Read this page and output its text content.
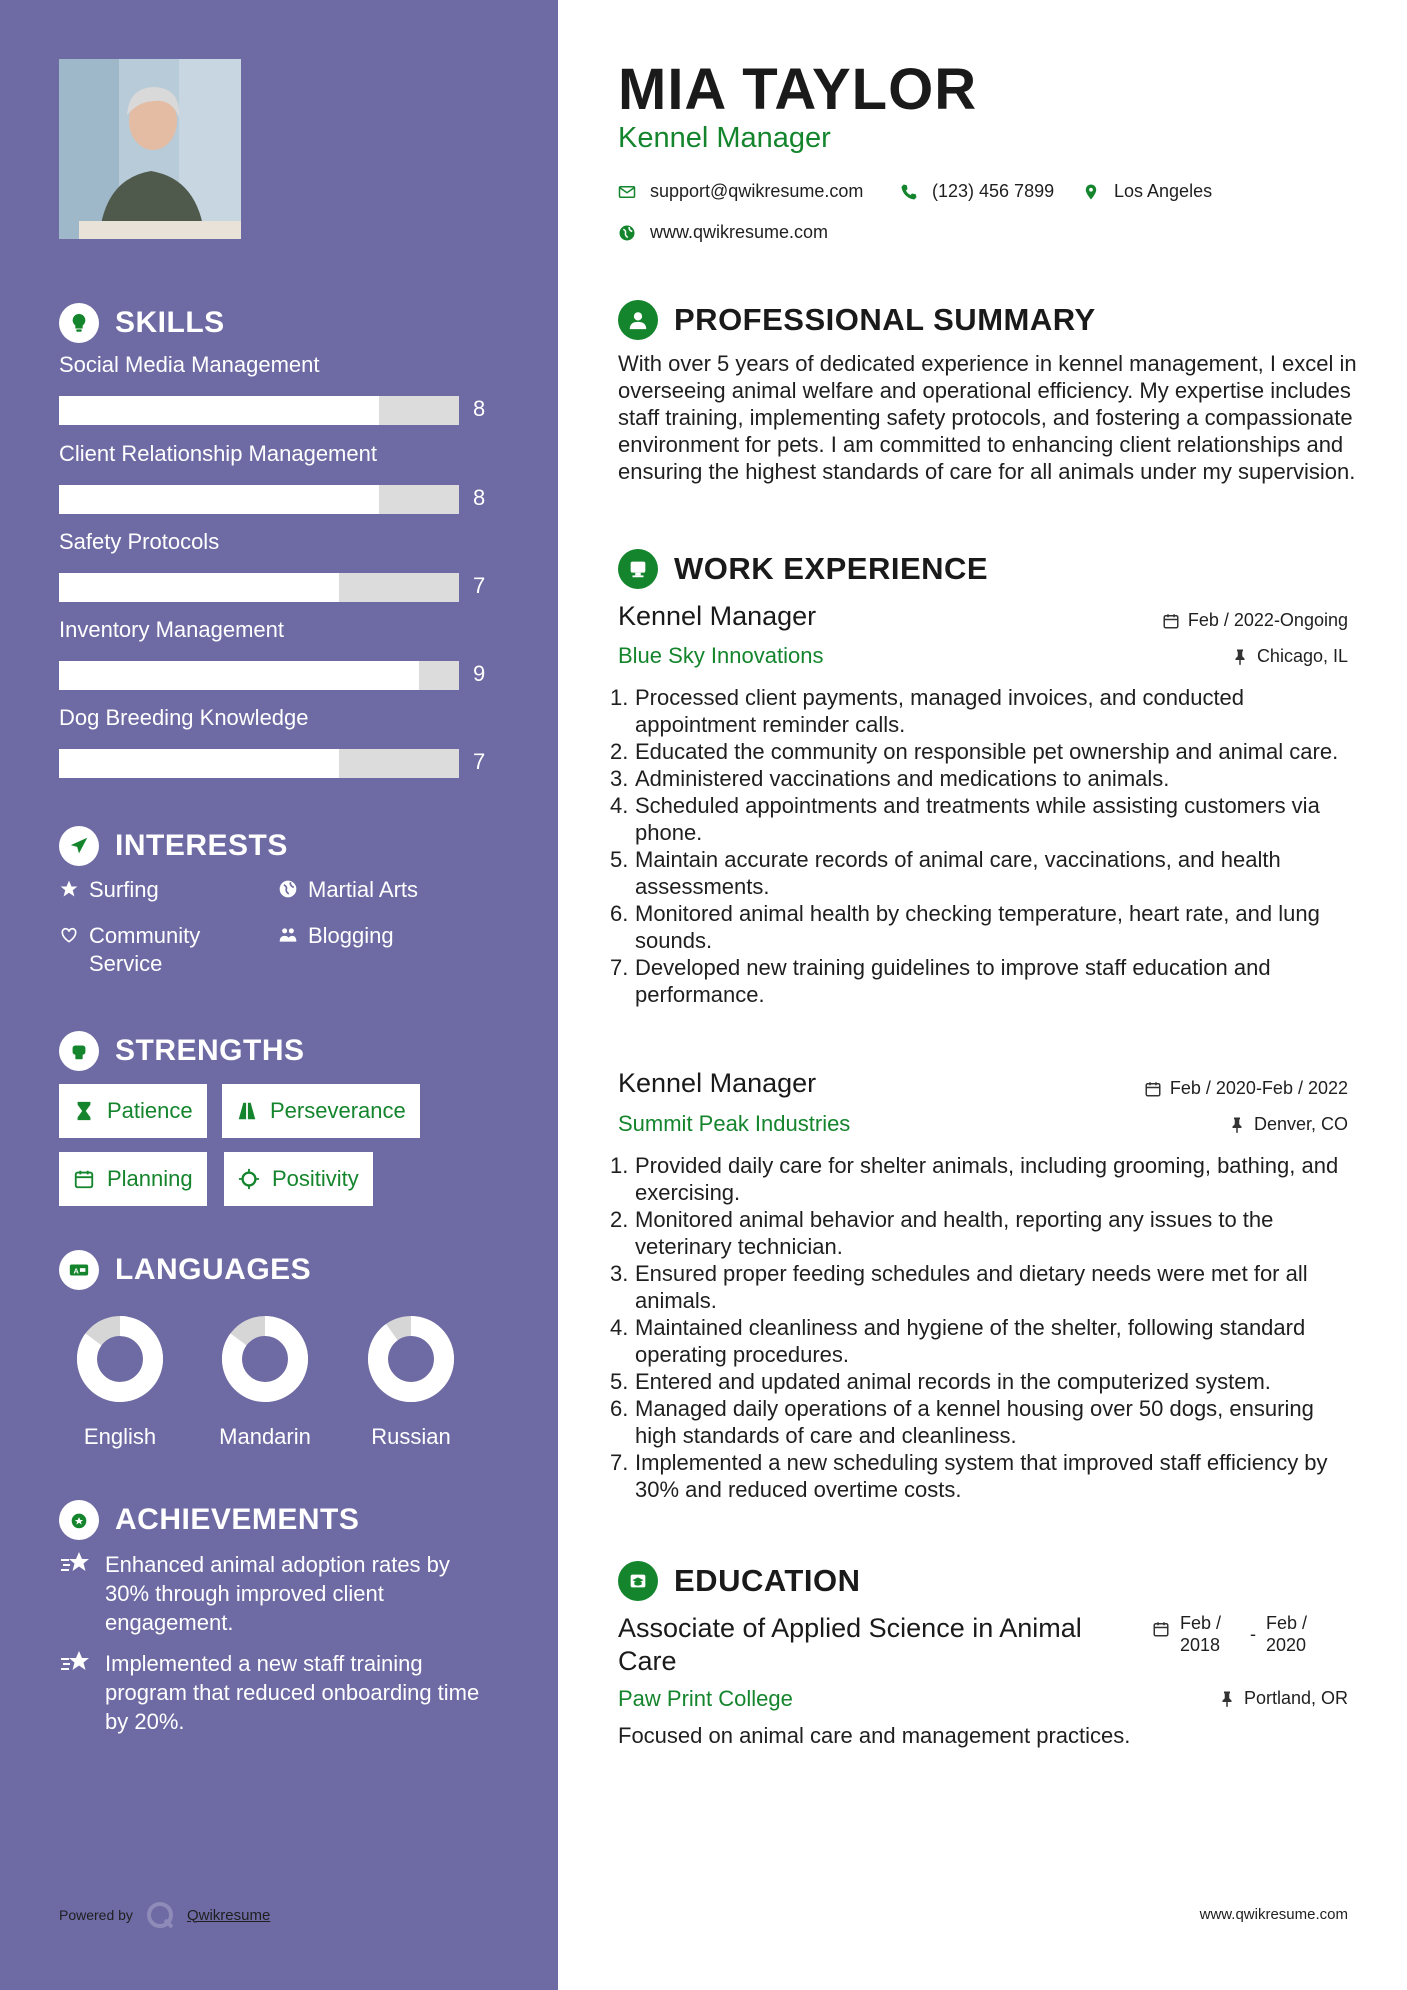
SKILLS
Social Media Management
8
Client Relationship Management
8
Safety Protocols
7
Inventory Management
9
Dog Breeding Knowledge
7
INTERESTS
Surfing	Martial Arts
Community Service
Blogging
STRENGTHS
Patience	Perseverance
Planning	Positivity
A LANGUAGES
English	Mandarin	Russian
ACHIEVEMENTS
Enhanced animal adoption rates by 30% through improved client engagement.
Implemented a new staff training program that reduced onboarding time by 20%.
Powered by	Qwikresume
MIA TAYLOR
Kennel Manager
support@qwikresume.com	(123) 456 7899	Los Angeles
www.qwikresume.com
PROFESSIONAL SUMMARY
With over 5 years of dedicated experience in kennel management, I excel in overseeing animal welfare and operational efficiency. My expertise includes staff training, implementing safety protocols, and fostering a compassionate environment for pets. I am committed to enhancing client relationships and ensuring the highest standards of care for all animals under my supervision.
WORK EXPERIENCE
Kennel Manager	Feb / 2022-Ongoing
Blue Sky Innovations	Chicago, IL
Processed client payments, managed invoices, and conducted appointment reminder calls.
Educated the community on responsible pet ownership and animal care.
Administered vaccinations and medications to animals.
Scheduled appointments and treatments while assisting customers via phone.
Maintain accurate records of animal care, vaccinations, and health assessments.
Monitored animal health by checking temperature, heart rate, and lung sounds.
Developed new training guidelines to improve staff education and performance.
Kennel Manager	Feb / 2020-Feb / 2022
Summit Peak Industries	Denver, CO
Provided daily care for shelter animals, including grooming, bathing, and exercising.
Monitored animal behavior and health, reporting any issues to the veterinary technician.
Ensured proper feeding schedules and dietary needs were met for all animals.
Maintained cleanliness and hygiene of the shelter, following standard operating procedures.
Entered and updated animal records in the computerized system.
Managed daily operations of a kennel housing over 50 dogs, ensuring high standards of care and cleanliness.
Implemented a new scheduling system that improved staff efficiency by 30% and reduced overtime costs.
EDUCATION
Associate of Applied Science in Animal Care
Feb / 2018
-
Feb / 2020
Paw Print College	Portland, OR
Focused on animal care and management practices.
www.qwikresume.com
